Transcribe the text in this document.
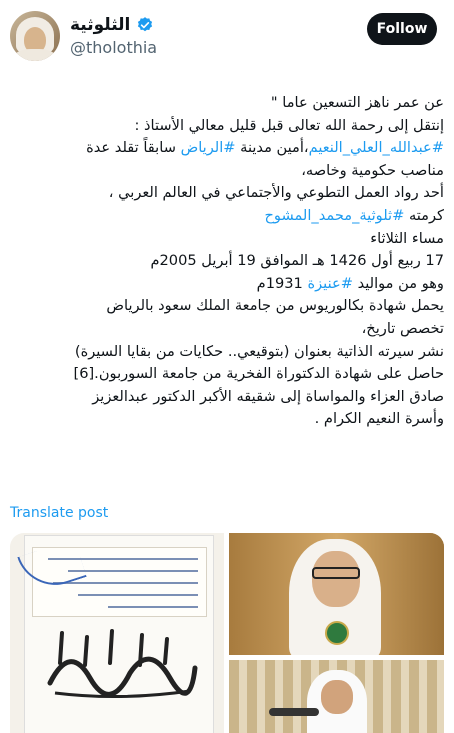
الثلوثية
@tholothia
Follow
عن عمر ناهز التسعين عاما "
إنتقل إلى رحمة الله تعالى قبل قليل معالي الأستاذ :
#عبدالله_العلي_النعيم،أمين مدينة #الرياض سابقاً تقلد عدة
مناصب حكومية وخاصه،
أحد رواد العمل التطوعي والأجتماعي في العالم العربي ،
كرمته #ثلوثية_محمد_المشوح
مساء الثلاثاء
17 ربيع أول 1426 هـ الموافق 19 أبريل 2005م
وهو من مواليد #عنيزة 1931م
يحمل شهادة بكالوريوس من جامعة الملك سعود بالرياض
تخصص تاريخ،
نشر سيرته الذاتية بعنوان (بتوقيعي.. حكايات من بقايا السيرة)
حاصل على شهادة الدكتوراة الفخرية من جامعة السوربون.[6]
صادق العزاء والمواساة إلى شقيقه الأكبر الدكتور عبدالعزيز
وأسرة النعيم الكرام .
Translate post
